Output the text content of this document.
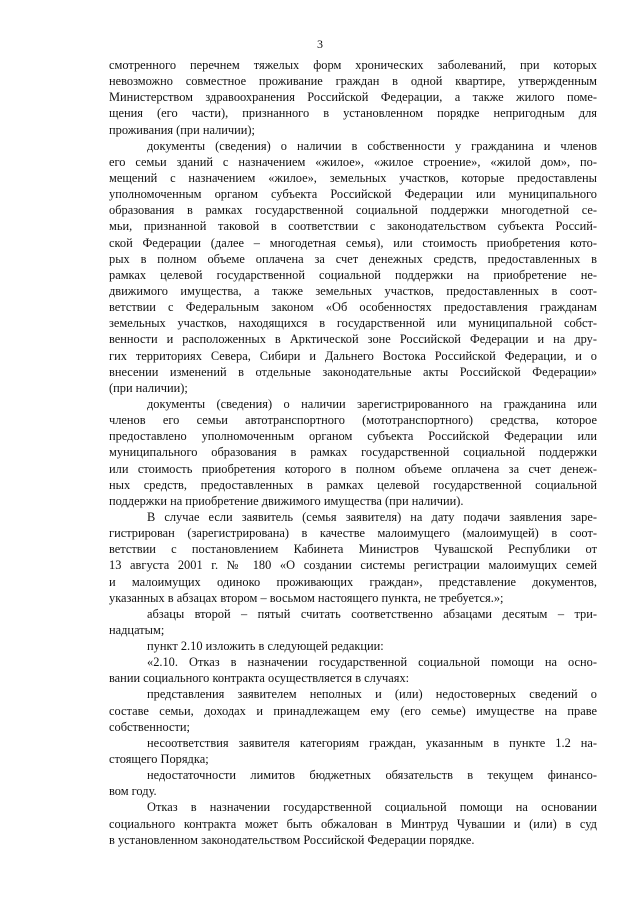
3
смотренного перечнем тяжелых форм хронических заболеваний, при которых
невозможно совместное проживание граждан в одной квартире, утвержденным
Министерством здравоохранения Российской Федерации, а также жилого поме-
щения (его части), признанного в установленном порядке непригодным для
проживания (при наличии);
документы (сведения) о наличии в собственности у гражданина и членов
его семьи зданий с назначением «жилое», «жилое строение», «жилой дом», по-
мещений с назначением «жилое», земельных участков, которые предоставлены
уполномоченным органом субъекта Российской Федерации или муниципального
образования в рамках государственной социальной поддержки многодетной се-
мьи, признанной таковой в соответствии с законодательством субъекта Россий-
ской Федерации (далее – многодетная семья), или стоимость приобретения кото-
рых в полном объеме оплачена за счет денежных средств, предоставленных в
рамках целевой государственной социальной поддержки на приобретение не-
движимого имущества, а также земельных участков, предоставленных в соот-
ветствии с Федеральным законом «Об особенностях предоставления гражданам
земельных участков, находящихся в государственной или муниципальной собст-
венности и расположенных в Арктической зоне Российской Федерации и на дру-
гих территориях Севера, Сибири и Дальнего Востока Российской Федерации, и о
внесении изменений в отдельные законодательные акты Российской Федерации»
(при наличии);
документы (сведения) о наличии зарегистрированного на гражданина или
членов его семьи автотранспортного (мототранспортного) средства, которое
предоставлено уполномоченным органом субъекта Российской Федерации или
муниципального образования в рамках государственной социальной поддержки
или стоимость приобретения которого в полном объеме оплачена за счет денеж-
ных средств, предоставленных в рамках целевой государственной социальной
поддержки на приобретение движимого имущества (при наличии).
В случае если заявитель (семья заявителя) на дату подачи заявления заре-
гистрирован (зарегистрирована) в качестве малоимущего (малоимущей) в соот-
ветствии с постановлением Кабинета Министров Чувашской Республики от
13 августа 2001 г. № 180 «О создании системы регистрации малоимущих семей
и малоимущих одиноко проживающих граждан», представление документов,
указанных в абзацах втором – восьмом настоящего пункта, не требуется.»;
абзацы второй – пятый считать соответственно абзацами десятым – три-
надцатым;
пункт 2.10 изложить в следующей редакции:
«2.10. Отказ в назначении государственной социальной помощи на осно-
вании социального контракта осуществляется в случаях:
представления заявителем неполных и (или) недостоверных сведений о
составе семьи, доходах и принадлежащем ему (его семье) имуществе на праве
собственности;
несоответствия заявителя категориям граждан, указанным в пункте 1.2 на-
стоящего Порядка;
недостаточности лимитов бюджетных обязательств в текущем финансо-
вом году.
Отказ в назначении государственной социальной помощи на основании
социального контракта может быть обжалован в Минтруд Чувашии и (или) в суд
в установленном законодательством Российской Федерации порядке.
